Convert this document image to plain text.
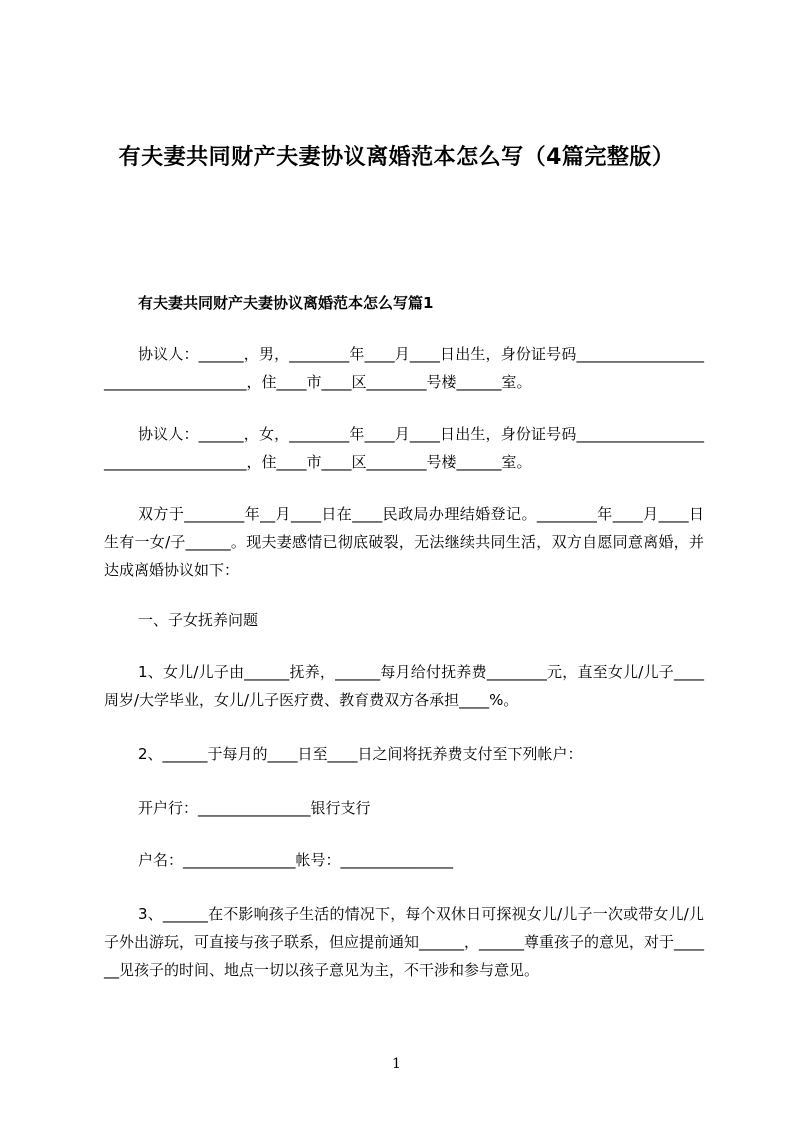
有夫妻共同财产夫妻协议离婚范本怎么写（4篇完整版）
有夫妻共同财产夫妻协议离婚范本怎么写篇1
协议人：______，男，________年____月____日出生，身份证号码____________________________________，住____市____区________号楼______室。
协议人：______，女，________年____月____日出生，身份证号码____________________________________，住____市____区________号楼______室。
双方于________年__月____日在____民政局办理结婚登记。________年____月____日生有一女/子______。现夫妻感情已彻底破裂，无法继续共同生活，双方自愿同意离婚，并达成离婚协议如下：
一、子女抚养问题
1、女儿/儿子由______抚养，______每月给付抚养费________元，直至女儿/儿子____周岁/大学毕业，女儿/儿子医疗费、教育费双方各承担____%。
2、______于每月的____日至____日之间将抚养费支付至下列帐户：
开户行：_______________银行支行
户名：_______________帐号：_______________
3、______在不影响孩子生活的情况下，每个双休日可探视女儿/儿子一次或带女儿/儿子外出游玩，可直接与孩子联系，但应提前通知______，______尊重孩子的意见，对于______见孩子的时间、地点一切以孩子意见为主，不干涉和参与意见。
1
